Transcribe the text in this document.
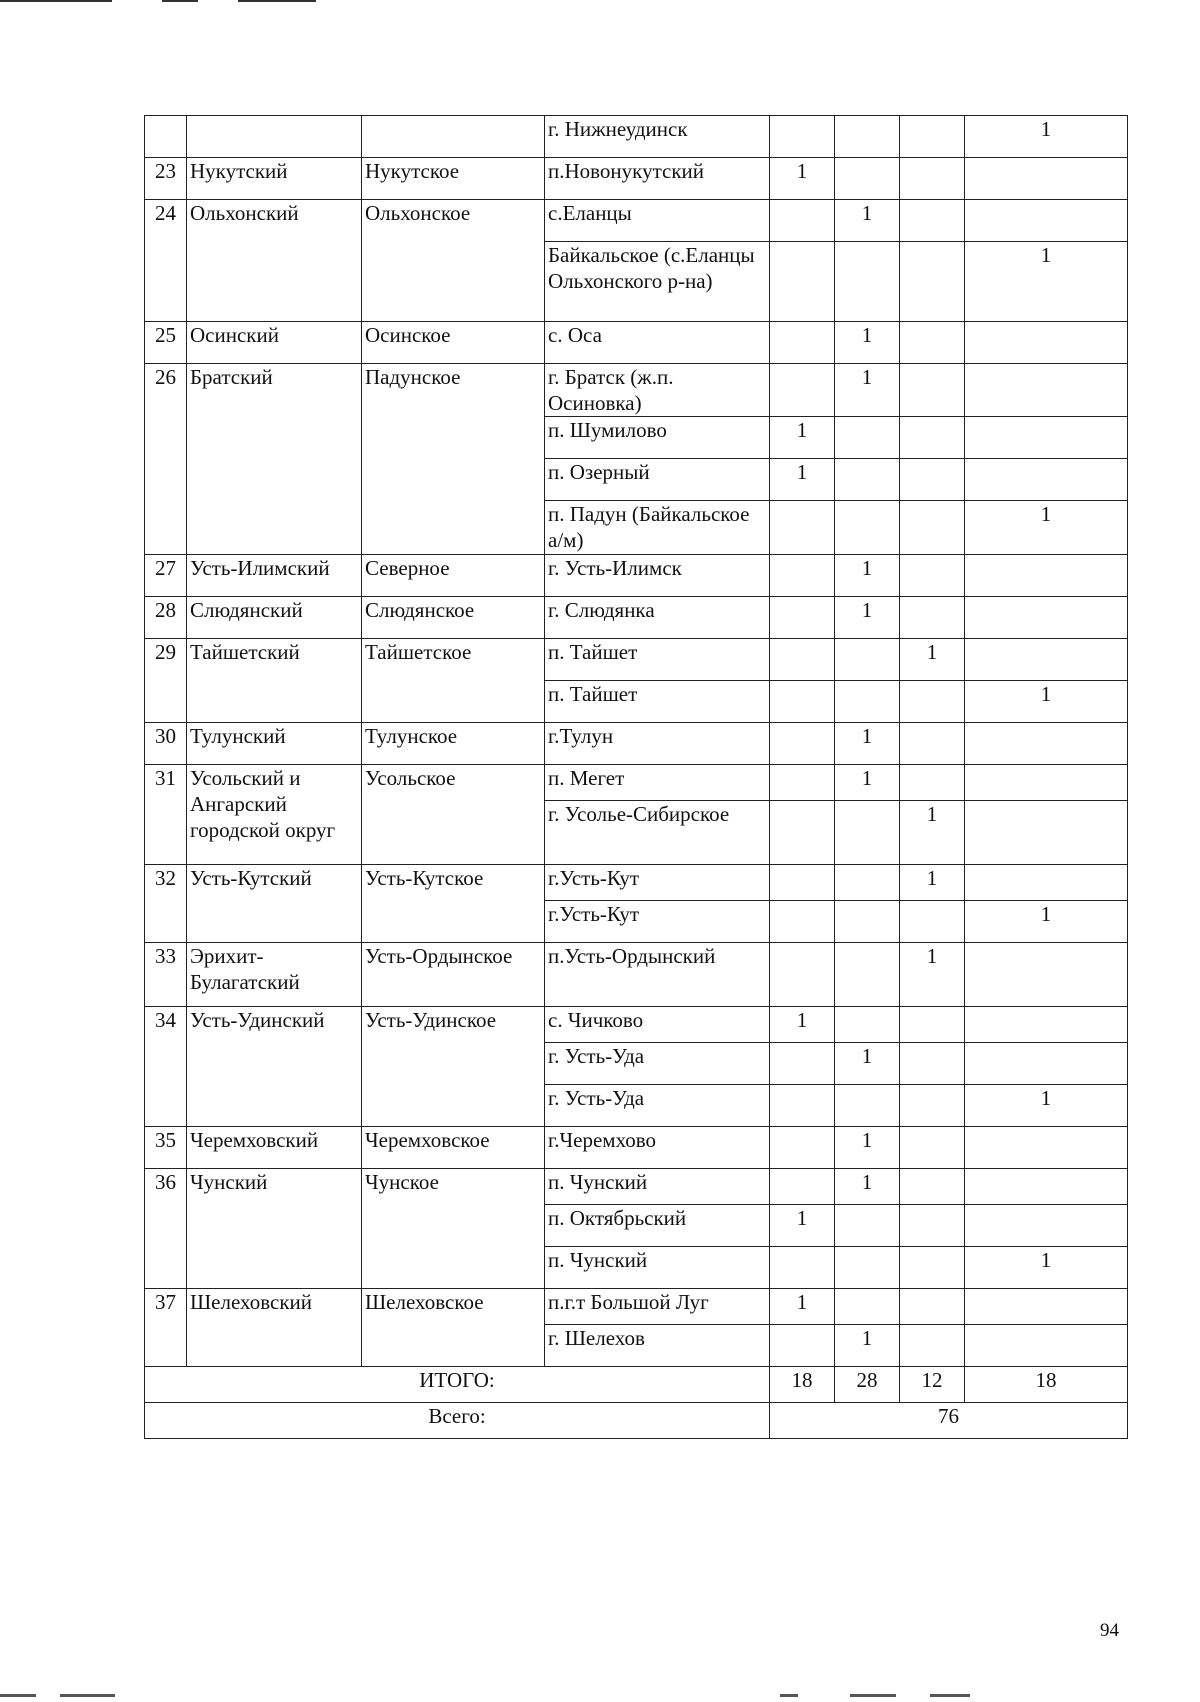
			г. Нижнеудинск				1
23	Нукутский	Нукутское	п.Новонукутский	1			
24	Ольхонский	Ольхонское	с.Еланцы		1		
			Байкальское (с.Еланцы Ольхонского р-на)				1
25	Осинский	Осинское	с. Оса		1		
26	Братский	Падунское	г. Братск (ж.п. Осиновка)		1		
			п. Шумилово	1			
			п. Озерный	1			
			п. Падун (Байкальское а/м)				1
27	Усть-Илимский	Северное	г. Усть-Илимск		1		
28	Слюдянский	Слюдянское	г. Слюдянка		1		
29	Тайшетский	Тайшетское	п. Тайшет			1	
			п. Тайшет				1
30	Тулунский	Тулунское	г.Тулун		1		
31	Усольский и Ангарский городской округ	Усольское	п. Мегет		1		
			г. Усолье-Сибирское			1	
32	Усть-Кутский	Усть-Кутское	г.Усть-Кут			1	
			г.Усть-Кут				1
33	Эрихит-Булагатский	Усть-Ордынское	п.Усть-Ордынский			1	
34	Усть-Удинский	Усть-Удинское	с. Чичково	1			
			г. Усть-Уда		1		
			г. Усть-Уда				1
35	Черемховский	Черемховское	г.Черемхово		1		
36	Чунский	Чунское	п. Чунский		1		
			п. Октябрьский	1			
			п. Чунский				1
37	Шелеховский	Шелеховское	п.г.т Большой Луг	1			
			г. Шелехов		1		
ИТОГО:				18	28	12	18
Всего:				76			
94
